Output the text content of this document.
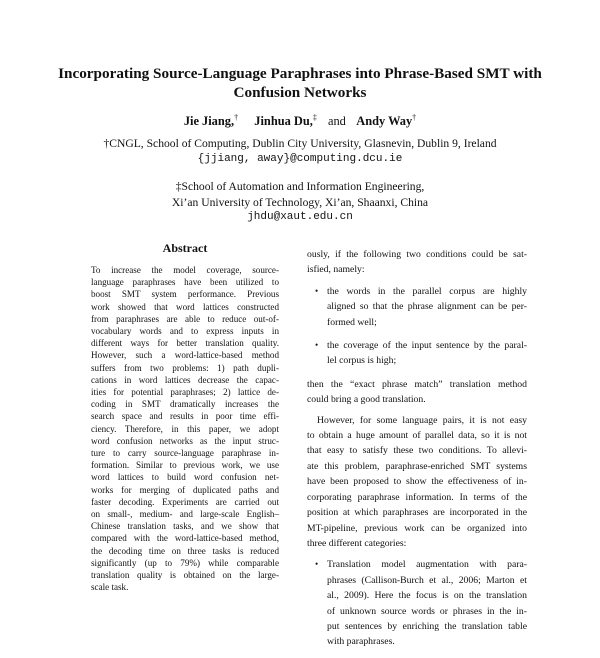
Incorporating Source-Language Paraphrases into Phrase-Based SMT with
Confusion Networks
Jie Jiang,† Jinhua Du,‡ and Andy Way†
†CNGL, School of Computing, Dublin City University, Glasnevin, Dublin 9, Ireland
{jjiang, away}@computing.dcu.ie
‡School of Automation and Information Engineering,
Xi’an University of Technology, Xi’an, Shaanxi, China
jhdu@xaut.edu.cn
Abstract
To increase the model coverage, source-
language paraphrases have been utilized to
boost SMT system performance. Previous
work showed that word lattices constructed
from paraphrases are able to reduce out-of-
vocabulary words and to express inputs in
different ways for better translation quality.
However, such a word-lattice-based method
suffers from two problems: 1) path dupli-
cations in word lattices decrease the capac-
ities for potential paraphrases; 2) lattice de-
coding in SMT dramatically increases the
search space and results in poor time effi-
ciency. Therefore, in this paper, we adopt
word confusion networks as the input struc-
ture to carry source-language paraphrase in-
formation. Similar to previous work, we use
word lattices to build word confusion net-
works for merging of duplicated paths and
faster decoding. Experiments are carried out
on small-, medium- and large-scale English–
Chinese translation tasks, and we show that
compared with the word-lattice-based method,
the decoding time on three tasks is reduced
significantly (up to 79%) while comparable
translation quality is obtained on the large-
scale task.
ously, if the following two conditions could be sat-
isfied, namely:
• the words in the parallel corpus are highly
aligned so that the phrase alignment can be per-
formed well;
• the coverage of the input sentence by the paral-
lel corpus is high;
then the “exact phrase match” translation method
could bring a good translation.
However, for some language pairs, it is not easy
to obtain a huge amount of parallel data, so it is not
that easy to satisfy these two conditions. To allevi-
ate this problem, paraphrase-enriched SMT systems
have been proposed to show the effectiveness of in-
corporating paraphrase information. In terms of the
position at which paraphrases are incorporated in the
MT-pipeline, previous work can be organized into
three different categories:
• Translation model augmentation with para-
phrases (Callison-Burch et al., 2006; Marton et
al., 2009). Here the focus is on the translation
of unknown source words or phrases in the in-
put sentences by enriching the translation table
with paraphrases.
